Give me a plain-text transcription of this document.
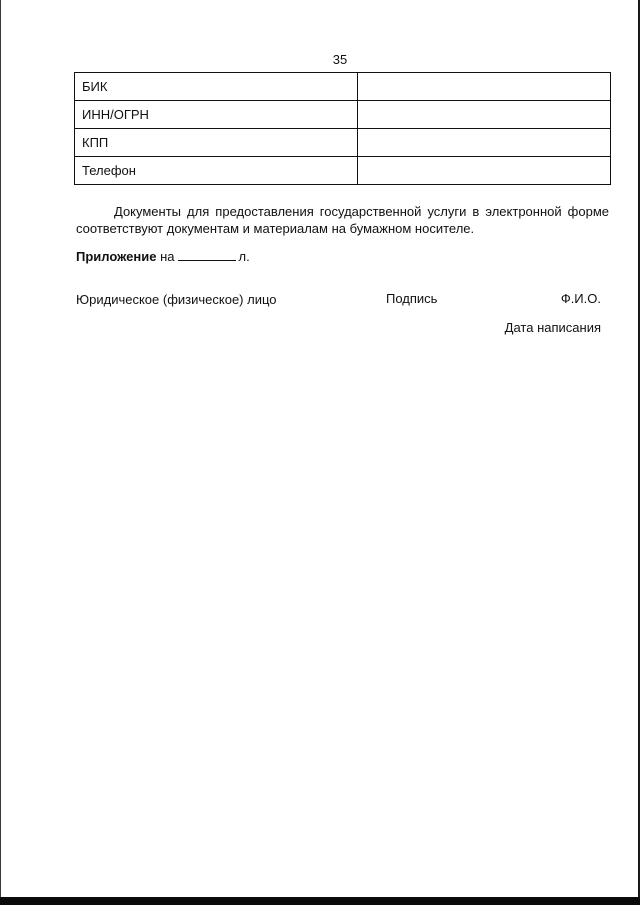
35
БИК	
ИНН/ОГРН	
КПП	
Телефон	
Документы для предоставления государственной услуги в электронной форме
соответствуют документам и материалам на бумажном носителе.
Приложение на	л.
Юридическое (физическое) лицо	Подпись	Ф.И.О.
Дата написания
